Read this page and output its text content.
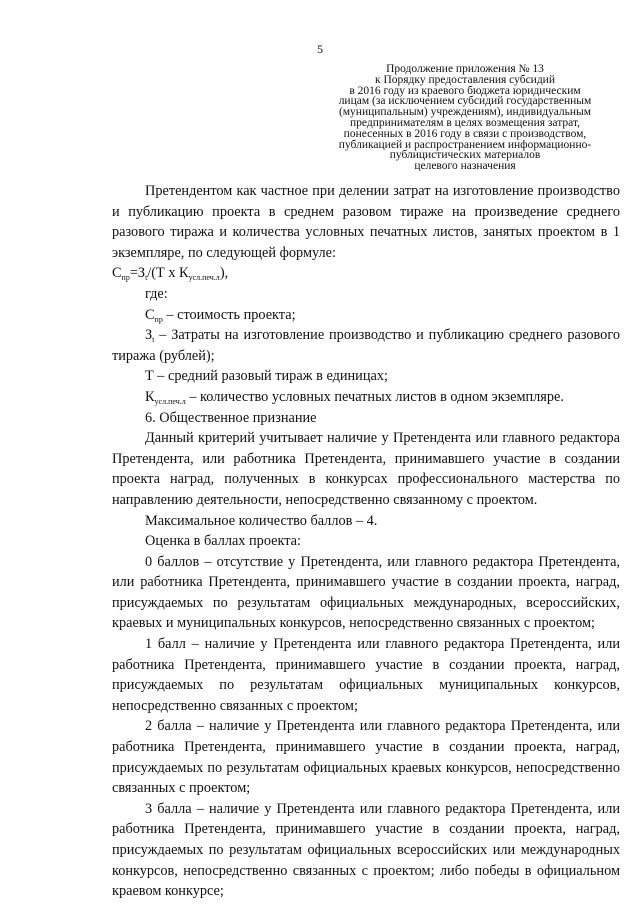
5
Продолжение приложения № 13
к Порядку предоставления субсидий
в 2016 году из краевого бюджета юридическим
лицам (за исключением субсидий государственным
(муниципальным) учреждениям), индивидуальным
предпринимателям в целях возмещения затрат,
понесенных в 2016 году в связи с производством,
публикацией и распространением информационно-
публицистических материалов
целевого назначения

Претендентом как частное при делении затрат на изготовление производство и публикацию проекта в среднем разовом тираже на произведение среднего разового тиража и количества условных печатных листов, занятых проектом в 1 экземпляре, по следующей формуле:

$С_{пр}=З_t/(Т$ х $К_{усл.печ.л}$),

где:

$С_{пр}$ – стоимость проекта;

$З_t$ – Затраты на изготовление производство и публикацию среднего разового тиража (рублей);

Т – средний разовый тираж в единицах;

$К_{усл.печ.л}$ – количество условных печатных листов в одном экземпляре.

6. Общественное признание

Данный критерий учитывает наличие у Претендента или главного редактора Претендента, или работника Претендента, принимавшего участие в создании проекта наград, полученных в конкурсах профессионального мастерства по направлению деятельности, непосредственно связанному с проектом.

Максимальное количество баллов – 4.

Оценка в баллах проекта:

0 баллов – отсутствие у Претендента, или главного редактора Претендента, или работника Претендента, принимавшего участие в создании проекта, наград, присуждаемых по результатам официальных международных, всероссийских, краевых и муниципальных конкурсов, непосредственно связанных с проектом;

1 балл – наличие у Претендента или главного редактора Претендента, или работника Претендента, принимавшего участие в создании проекта, наград, присуждаемых по результатам официальных муниципальных конкурсов, непосредственно связанных с проектом;

2 балла – наличие у Претендента или главного редактора Претендента, или работника Претендента, принимавшего участие в создании проекта, наград, присуждаемых по результатам официальных краевых конкурсов, непосредственно связанных с проектом;

3 балла – наличие у Претендента или главного редактора Претендента, или работника Претендента, принимавшего участие в создании проекта, наград, присуждаемых по результатам официальных всероссийских или международных конкурсов, непосредственно связанных с проектом; либо победы в официальном краевом конкурсе;
